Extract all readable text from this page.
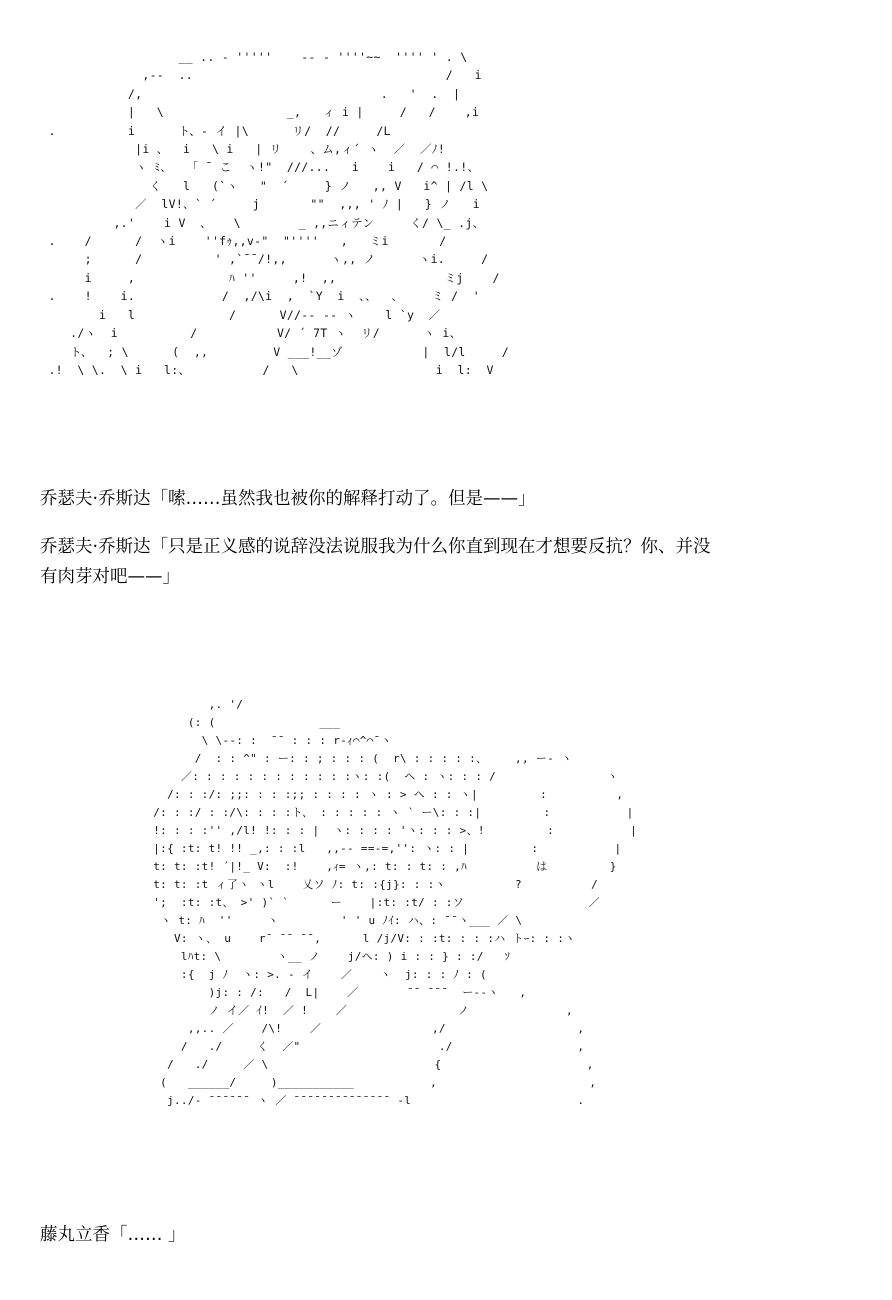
__ .. - '''''    -- - ''''~~  '''' ' . \
,--  ..                                   /   i
/,                                 .   '  .  |
|   \                 _,   ィ i |     /   /    ,i
.          i      ト、- イ |\      リ/  //     /L
|i 、  i   \ i   | リ    、ム,ィ´ ヽ  ／  ／ﾉ!
ヽ ﾐ、  「 ¯ こ  ヽ!"  ///...   i    i   / ⌒ !.!、
く   l   (`ヽ   "  ´     } ノ   ,, V   i^ | /l \
／  lV!、` ´     j       ""  ,,, ' ﾉ |   } ノ   i
,.'    i V  、   \        _ ,,ニィテン     く/ \_ .j、
.    /      /  ヽi    ''fｩ,,v-"  "''''   ,   ミi       /
;      /          ' ,`¯¯/!,,      ヽ,, ノ      ヽi.     /
i     ,             ﾊ ''     ,!  ,,               ミj    /
.    !    i.            /  ,/\i  ,  `Y  i  、、  、    ミ /  '
i   l             /      V//-- -- ヽ    l `y  ／
./ヽ  i          /           V/ ´ 7T ヽ  リ/      ヽ i、
ト、  ; \      (  ,,         V ___!__ゾ           |  l/l     /
.!  \ \.  \ i   l:、          /   \                   i  l:  V
乔瑟夫·乔斯达「嗦……虽然我也被你的解释打动了。但是——」
乔瑟夫·乔斯达「只是正义感的说辞没法说服我为什么你直到现在才想要反抗？你、并没
有肉芽对吧——」
,. '/
(: (               ___
\ \--: :  ¯¯ : : : r-ｨ⌒^⌒¯ヽ
/  : : ^" : ー: : ; : : : (  r\ : : : : :、    ,, ー- ヽ
／: : : : : : : : : : : :ヽ: :(  ヘ : ヽ: : : /                ヽ
/: : :/: ;;: : : :;; : : : : ヽ : > ヘ : : ヽ|         :          ,
/: : :/ : :/\: : : :ト、 : : : : : ヽ ` ー\: : :|         :           |
!: : : :'' ,/l! !: : : |  ヽ: : : : 'ヽ: : : >、!         :           |
|:{ :t: t! !! _,: : :l   ,,-- ==-=,'': ヽ: : |         :           |
t: t: :t! ´|!_ V:  :!    ,ｨ= ヽ,: t: : t: : ,ﾊ          は         }
t: t: :t ィ了ヽ ヽl    乂ソ ﾉ: t: :{j}: : :ヽ          ?          /
';  :t: :t、 >' )` `      ー    |:t: :t/ : :ソ                  ／
ヽ t: ﾊ  ''     ヽ         ' ' u ﾉｲ: ハ、: ¯¯ヽ___ ／ \
V: ヽ、 u    r¯ ¯¯ ¯¯,      l /j/V: : :t: : : :ハ トｰ: : :ヽ
lﾊt: \        ヽ__ ノ    j/ヘ: ) i : : } : :/   ｿ
:{  j ﾉ  ヽ: >. - イ    ／    ヽ  j: : : ﾉ : (
)j: : /:   /  L|    ／       ¯¯ ¯¯¯  ー--ヽ   ,
ノ イ／ ｲ!  ／ !    ／                ノ              ,
,,.. ／    /\!    ／                ,/                   ,
/   ./     く  ／"                    ./                  ,
/   ./     ／ \                        {                     ,
(   ______/     )___________           ,                      ,
j../- ¯¯¯¯¯¯ ヽ ／ ¯¯¯¯¯¯¯¯¯¯¯¯¯¯ -l                        .
藤丸立香「…… 」
